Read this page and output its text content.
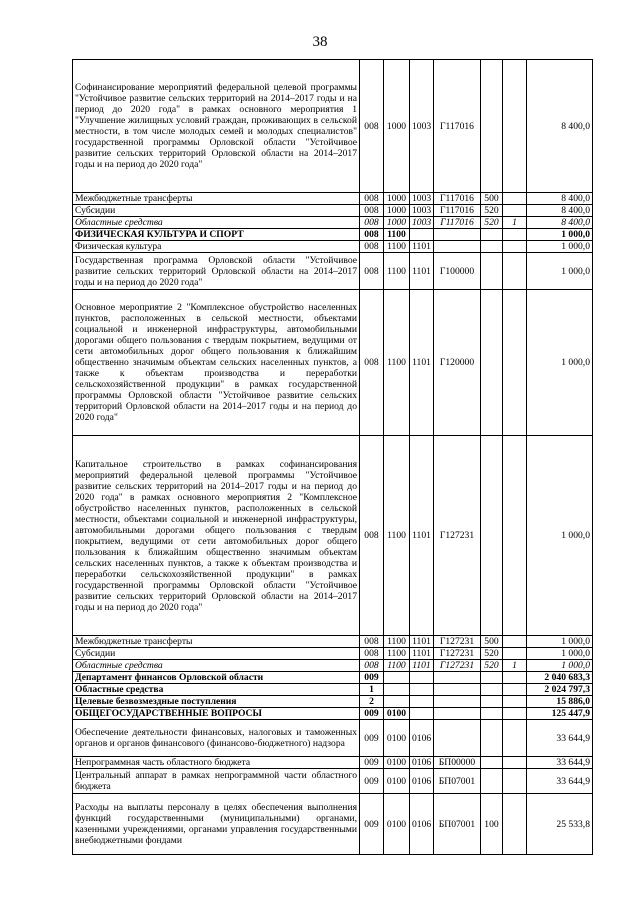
38
Софинансирование мероприятий федеральной целевой программы "Устойчивое развитие сельских территорий на 2014–2017 годы и на период до 2020 года" в рамках основного мероприятия 1 "Улучшение жилищных условий граждан, проживающих в сельской местности, в том числе молодых семей и молодых специалистов" государственной программы Орловской области "Устойчивое развитие сельских территорий Орловской области на 2014–2017 годы и на период до 2020 года"	008	1000	1003	Г117016			8 400,0
Межбюджетные трансферты	008	1000	1003	Г117016	500		8 400,0
Субсидии	008	1000	1003	Г117016	520		8 400,0
Областные средства	008	1000	1003	Г117016	520	1	8 400,0
ФИЗИЧЕСКАЯ КУЛЬТУРА И СПОРТ	008	1100					1 000,0
Физическая культура	008	1100	1101				1 000,0
Государственная программа Орловской области "Устойчивое развитие сельских территорий Орловской области на 2014–2017 годы и на период до 2020 года"	008	1100	1101	Г100000			1 000,0
Основное мероприятие 2 "Комплексное обустройство населенных пунктов, расположенных в сельской местности, объектами социальной и инженерной инфраструктуры, автомобильными дорогами общего пользования с твердым покрытием, ведущими от сети автомобильных дорог общего пользования к ближайшим общественно значимым объектам сельских населенных пунктов, а также к объектам производства и переработки сельскохозяйственной продукции" в рамках государственной программы Орловской области "Устойчивое развитие сельских территорий Орловской области на 2014–2017 годы и на период до 2020 года"	008	1100	1101	Г120000			1 000,0
Капитальное строительство в рамках софинансирования мероприятий федеральной целевой программы "Устойчивое развитие сельских территорий на 2014–2017 годы и на период до 2020 года" в рамках основного мероприятия 2 "Комплексное обустройство населенных пунктов, расположенных в сельской местности, объектами социальной и инженерной инфраструктуры, автомобильными дорогами общего пользования с твердым покрытием, ведущими от сети автомобильных дорог общего пользования к ближайшим общественно значимым объектам сельских населенных пунктов, а также к объектам производства и переработки сельскохозяйственной продукции" в рамках государственной программы Орловской области "Устойчивое развитие сельских территорий Орловской области на 2014–2017 годы и на период до 2020 года"	008	1100	1101	Г127231			1 000,0
Межбюджетные трансферты	008	1100	1101	Г127231	500		1 000,0
Субсидии	008	1100	1101	Г127231	520		1 000,0
Областные средства	008	1100	1101	Г127231	520	1	1 000,0
Департамент финансов Орловской области	009						2 040 683,3
Областные средства	1						2 024 797,3
Целевые безвозмездные поступления	2						15 886,0
ОБЩЕГОСУДАРСТВЕННЫЕ ВОПРОСЫ	009	0100					125 447,9
Обеспечение деятельности финансовых, налоговых и таможенных органов и органов финансового (финансово-бюджетного) надзора	009	0100	0106				33 644,9
Непрограммная часть областного бюджета	009	0100	0106	БП00000			33 644,9
Центральный аппарат в рамках непрограммной части областного бюджета	009	0100	0106	БП07001			33 644,9
Расходы на выплаты персоналу в целях обеспечения выполнения функций государственными (муниципальными) органами, казенными учреждениями, органами управления государственными внебюджетными фондами	009	0100	0106	БП07001	100		25 533,8
